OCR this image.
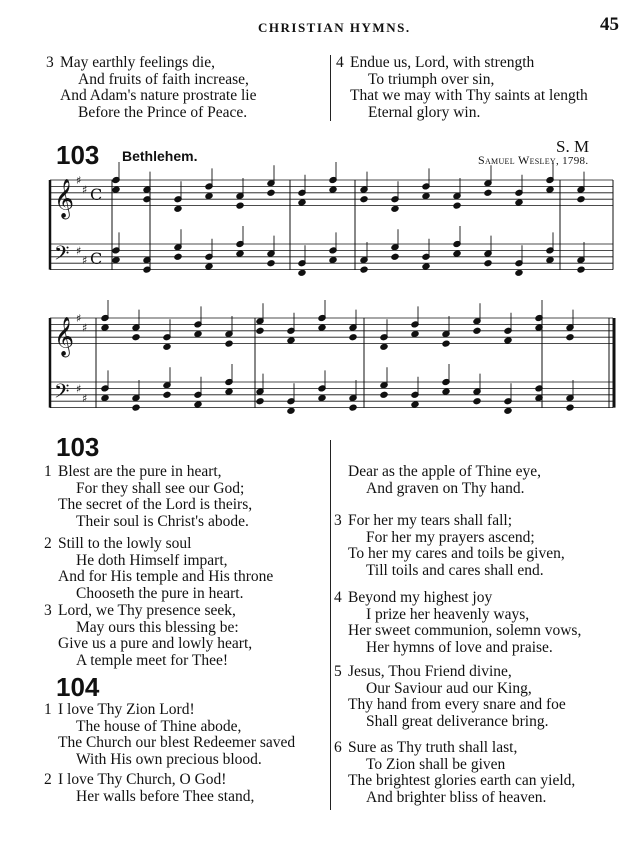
CHRISTIAN HYMNS.	45
3 May earthly feelings die,
And fruits of faith increase,
And Adam's nature prostrate lie
Before the Prince of Peace.
4 Endue us, Lord, with strength
To triumph over sin,
That we may with Thy saints at length
Eternal glory win.
103 Bethlehem.	S. M
Samuel Wesley, 1798.
𝄞 ♯
♯ C
𝄢 ♯
♯ C
𝄞 ♯
♯
𝄢 ♯
♯
103
1 Blest are the pure in heart,
For they shall see our God;
The secret of the Lord is theirs,
Their soul is Christ's abode.
2 Still to the lowly soul
He doth Himself impart,
And for His temple and His throne
Chooseth the pure in heart.
3 Lord, we Thy presence seek,
May ours this blessing be:
Give us a pure and lowly heart,
A temple meet for Thee!
104
1 I love Thy Zion Lord!
The house of Thine abode,
The Church our blest Redeemer saved
With His own precious blood.
2 I love Thy Church, O God!
Her walls before Thee stand,
Dear as the apple of Thine eye,
And graven on Thy hand.
3 For her my tears shall fall;
For her my prayers ascend;
To her my cares and toils be given,
Till toils and cares shall end.
4 Beyond my highest joy
I prize her heavenly ways,
Her sweet communion, solemn vows,
Her hymns of love and praise.
5 Jesus, Thou Friend divine,
Our Saviour aud our King,
Thy hand from every snare and foe
Shall great deliverance bring.
6 Sure as Thy truth shall last,
To Zion shall be given
The brightest glories earth can yield,
And brighter bliss of heaven.
